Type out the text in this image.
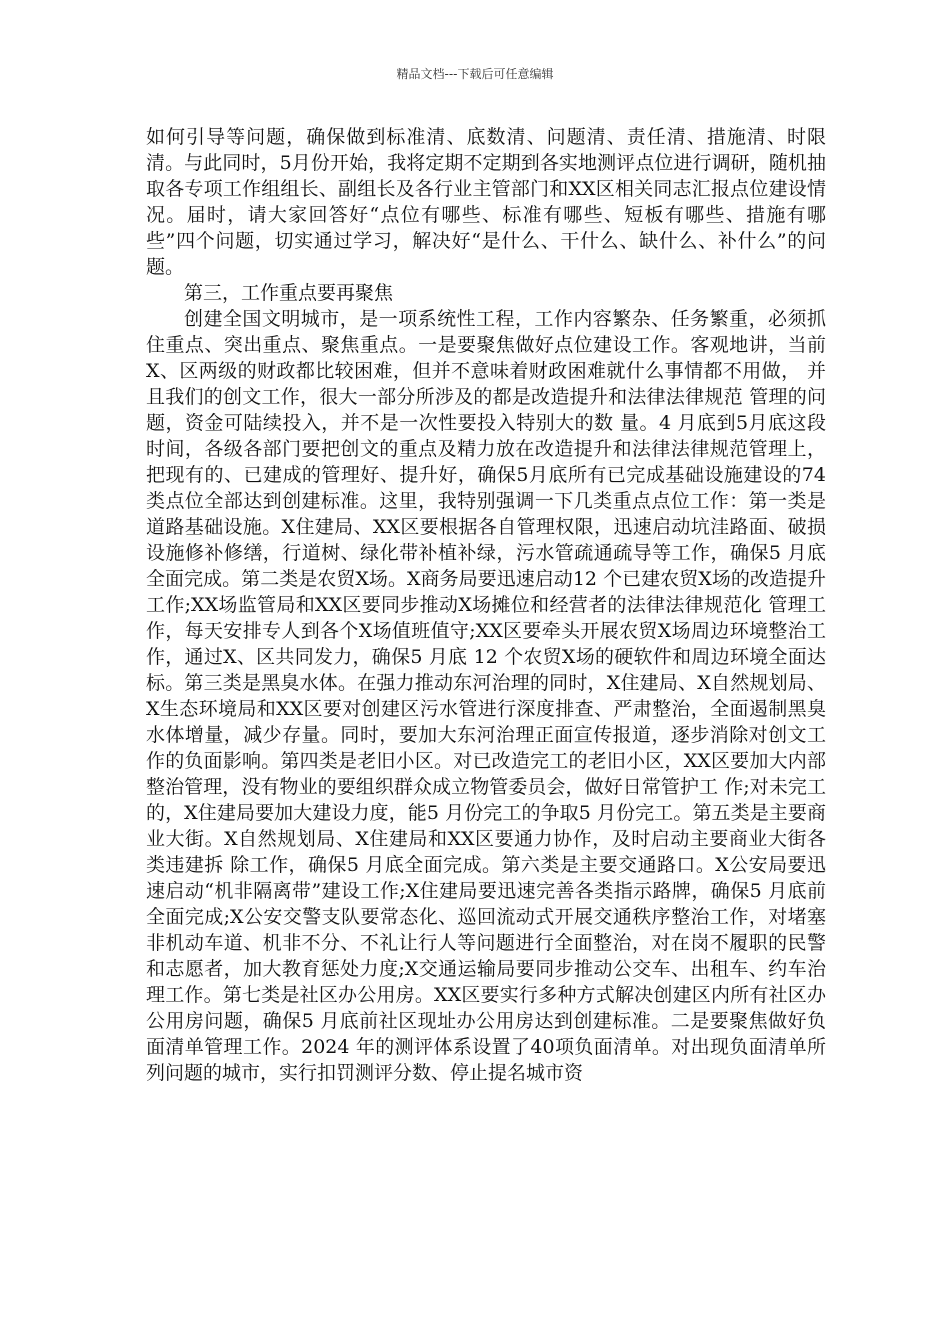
精品文档---下载后可任意编辑

如何引导等问题，确保做到标准清、底数清、问题清、责任清、措施清、时限清。与此同时，5月份开始，我将定期不定期到各实地测评点位进行调研，随机抽取各专项工作组组长、副组长及各行业主管部门和XX区相关同志汇报点位建设情况。届时，请大家回答好“点位有哪些、标准有哪些、短板有哪些、措施有哪些”四个问题，切实通过学习，解决好“是什么、干什么、缺什么、补什么”的问题。

第三，工作重点要再聚焦

创建全国文明城市，是一项系统性工程，工作内容繁杂、任务繁重，必须抓住重点、突出重点、聚焦重点。一是要聚焦做好点位建设工作。客观地讲，当前X、区两级的财政都比较困难，但并不意味着财政困难就什么事情都不用做， 并且我们的创文工作，很大一部分所涉及的都是改造提升和法律法律规范 管理的问题，资金可陆续投入，并不是一次性要投入特别大的数 量。4 月底到5月底这段时间，各级各部门要把创文的重点及精力放在改造提升和法律法律规范管理上，把现有的、已建成的管理好、提升好，确保5月底所有已完成基础设施建设的74 类点位全部达到创建标准。这里，我特别强调一下几类重点点位工作：第一类是道路基础设施。X住建局、XX区要根据各自管理权限，迅速启动坑洼路面、破损设施修补修缮，行道树、绿化带补植补绿，污水管疏通疏导等工作，确保5 月底全面完成。第二类是农贸X场。X商务局要迅速启动12 个已建农贸X场的改造提升工作;XX场监管局和XX区要同步推动X场摊位和经营者的法律法律规范化 管理工作，每天安排专人到各个X场值班值守;XX区要牵头开展农贸X场周边环境整治工作，通过X、区共同发力，确保5 月底 12 个农贸X场的硬软件和周边环境全面达标。第三类是黑臭水体。在强力推动东河治理的同时，X住建局、X自然规划局、X生态环境局和XX区要对创建区污水管进行深度排查、严肃整治，全面遏制黑臭水体增量，减少存量。同时，要加大东河治理正面宣传报道，逐步消除对创文工作的负面影响。第四类是老旧小区。对已改造完工的老旧小区，XX区要加大内部整治管理，没有物业的要组织群众成立物管委员会，做好日常管护工 作;对未完工的，X住建局要加大建设力度，能5 月份完工的争取5 月份完工。第五类是主要商业大街。X自然规划局、X住建局和XX区要通力协作，及时启动主要商业大街各类违建拆 除工作，确保5 月底全面完成。第六类是主要交通路口。X公安局要迅速启动“机非隔离带”建设工作;X住建局要迅速完善各类指示路牌，确保5 月底前全面完成;X公安交警支队要常态化、巡回流动式开展交通秩序整治工作，对堵塞非机动车道、机非不分、不礼让行人等问题进行全面整治，对在岗不履职的民警和志愿者，加大教育惩处力度;X交通运输局要同步推动公交车、出租车、约车治理工作。第七类是社区办公用房。XX区要实行多种方式解决创建区内所有社区办公用房问题，确保5 月底前社区现址办公用房达到创建标准。二是要聚焦做好负面清单管理工作。2024 年的测评体系设置了40项负面清单。对出现负面清单所列问题的城市，实行扣罚测评分数、停止提名城市资
